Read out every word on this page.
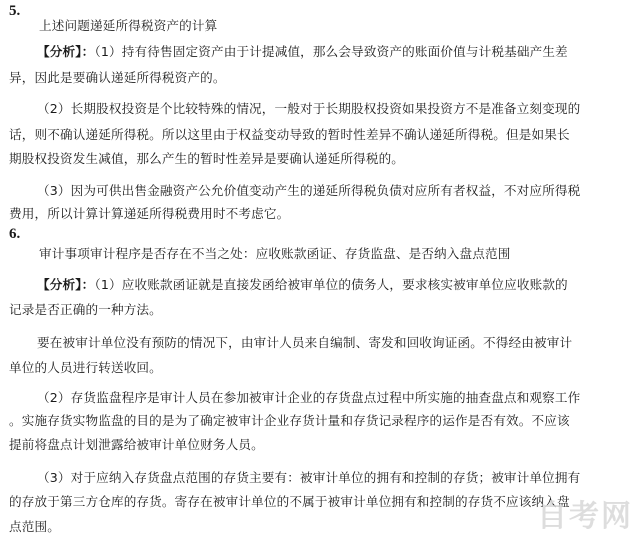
5.
上述问题递延所得税资产的计算
【分析】：（1）持有待售固定资产由于计提减值，那么会导致资产的账面价值与计税基础产生差
异，因此是要确认递延所得税资产的。
（2）长期股权投资是个比较特殊的情况，一般对于长期股权投资如果投资方不是准备立刻变现的
话，则不确认递延所得税。所以这里由于权益变动导致的暂时性差异不确认递延所得税。但是如果长
期股权投资发生减值，那么产生的暂时性差异是要确认递延所得税的。
（3）因为可供出售金融资产公允价值变动产生的递延所得税负债对应所有者权益，不对应所得税
费用，所以计算计算递延所得税费用时不考虑它。
6.
审计事项审计程序是否存在不当之处：应收账款函证、存货监盘、是否纳入盘点范围
【分析】：（1）应收账款函证就是直接发函给被审单位的债务人，要求核实被审单位应收账款的
记录是否正确的一种方法。
要在被审计单位没有预防的情况下，由审计人员来自编制、寄发和回收询证函。不得经由被审计
单位的人员进行转送收回。
（2）存货监盘程序是审计人员在参加被审计企业的存货盘点过程中所实施的抽查盘点和观察工作
。实施存货实物监盘的目的是为了确定被审计企业存货计量和存货记录程序的运作是否有效。不应该
提前将盘点计划泄露给被审计单位财务人员。
（3）对于应纳入存货盘点范围的存货主要有：被审计单位的拥有和控制的存货；被审计单位拥有
的存放于第三方仓库的存货。寄存在被审计单位的不属于被审计单位拥有和控制的存货不应该纳入盘
点范围。	自考网
